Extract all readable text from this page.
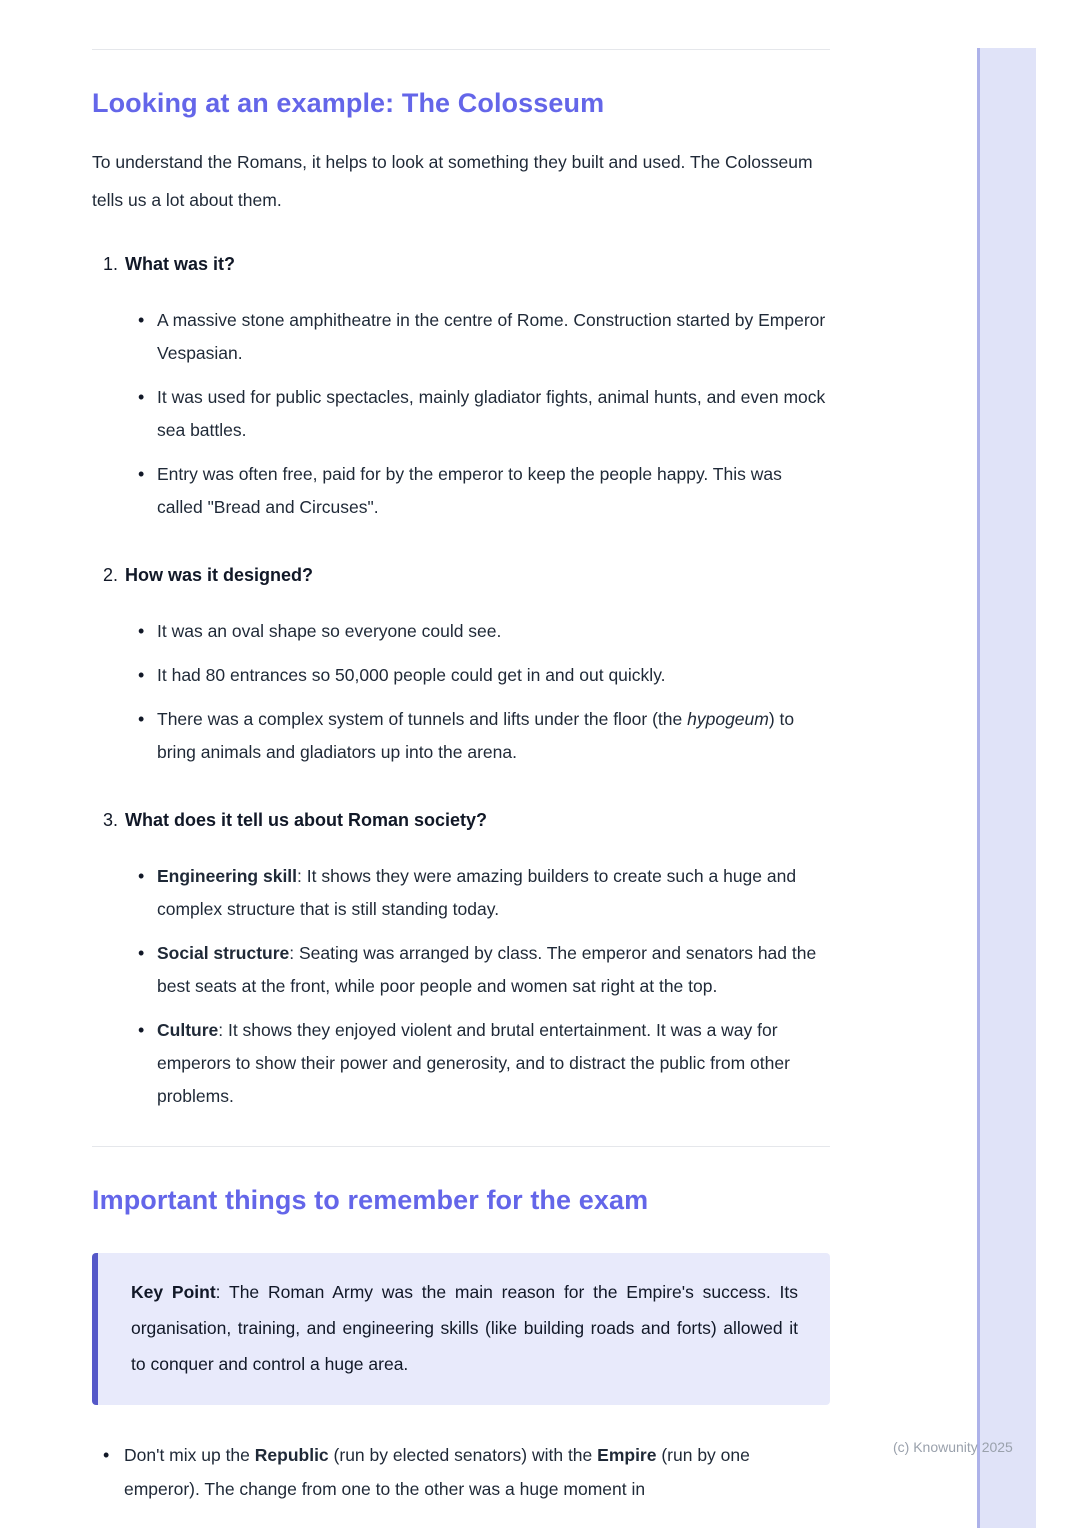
Looking at an example: The Colosseum

To understand the Romans, it helps to look at something they built and used. The Colosseum tells us a lot about them.

1. What was it?
• A massive stone amphitheatre in the centre of Rome. Construction started by Emperor Vespasian.
• It was used for public spectacles, mainly gladiator fights, animal hunts, and even mock sea battles.
• Entry was often free, paid for by the emperor to keep the people happy. This was called "Bread and Circuses".
2. How was it designed?
• It was an oval shape so everyone could see.
• It had 80 entrances so 50,000 people could get in and out quickly.
• There was a complex system of tunnels and lifts under the floor (the hypogeum) to bring animals and gladiators up into the arena.
3. What does it tell us about Roman society?
• Engineering skill: It shows they were amazing builders to create such a huge and complex structure that is still standing today.
• Social structure: Seating was arranged by class. The emperor and senators had the best seats at the front, while poor people and women sat right at the top.
• Culture: It shows they enjoyed violent and brutal entertainment. It was a way for emperors to show their power and generosity, and to distract the public from other problems.
Important things to remember for the exam

Key Point: The Roman Army was the main reason for the Empire's success. Its organisation, training, and engineering skills (like building roads and forts) allowed it to conquer and control a huge area.

• Don't mix up the Republic (run by elected senators) with the Empire (run by one emperor). The change from one to the other was a huge moment in
(c) Knowunity 2025
